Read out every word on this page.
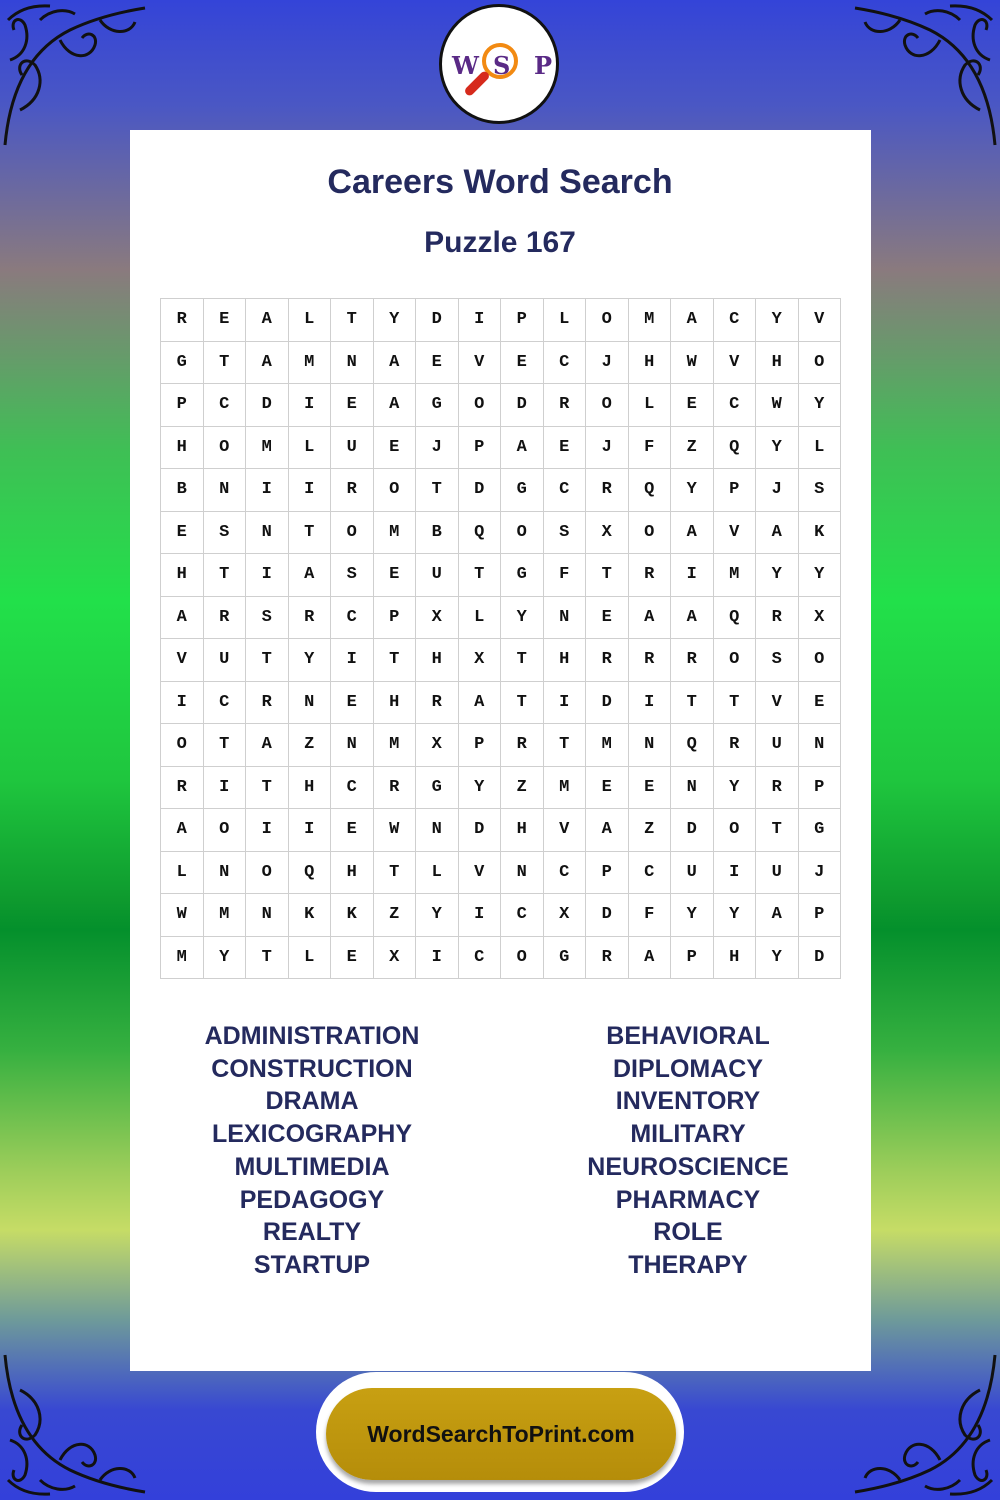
W S P
Careers Word Search
Puzzle 167
R	E	A	L	T	Y	D	I	P	L	O	M	A	C	Y	V
G	T	A	M	N	A	E	V	E	C	J	H	W	V	H	O
P	C	D	I	E	A	G	O	D	R	O	L	E	C	W	Y
H	O	M	L	U	E	J	P	A	E	J	F	Z	Q	Y	L
B	N	I	I	R	O	T	D	G	C	R	Q	Y	P	J	S
E	S	N	T	O	M	B	Q	O	S	X	O	A	V	A	K
H	T	I	A	S	E	U	T	G	F	T	R	I	M	Y	Y
A	R	S	R	C	P	X	L	Y	N	E	A	A	Q	R	X
V	U	T	Y	I	T	H	X	T	H	R	R	R	O	S	O
I	C	R	N	E	H	R	A	T	I	D	I	T	T	V	E
O	T	A	Z	N	M	X	P	R	T	M	N	Q	R	U	N
R	I	T	H	C	R	G	Y	Z	M	E	E	N	Y	R	P
A	O	I	I	E	W	N	D	H	V	A	Z	D	O	T	G
L	N	O	Q	H	T	L	V	N	C	P	C	U	I	U	J
W	M	N	K	K	Z	Y	I	C	X	D	F	Y	Y	A	P
M	Y	T	L	E	X	I	C	O	G	R	A	P	H	Y	D
ADMINISTRATION
CONSTRUCTION
DRAMA
LEXICOGRAPHY
MULTIMEDIA
PEDAGOGY
REALTY
STARTUP
BEHAVIORAL
DIPLOMACY
INVENTORY
MILITARY
NEUROSCIENCE
PHARMACY
ROLE
THERAPY
WordSearchToPrint.com
